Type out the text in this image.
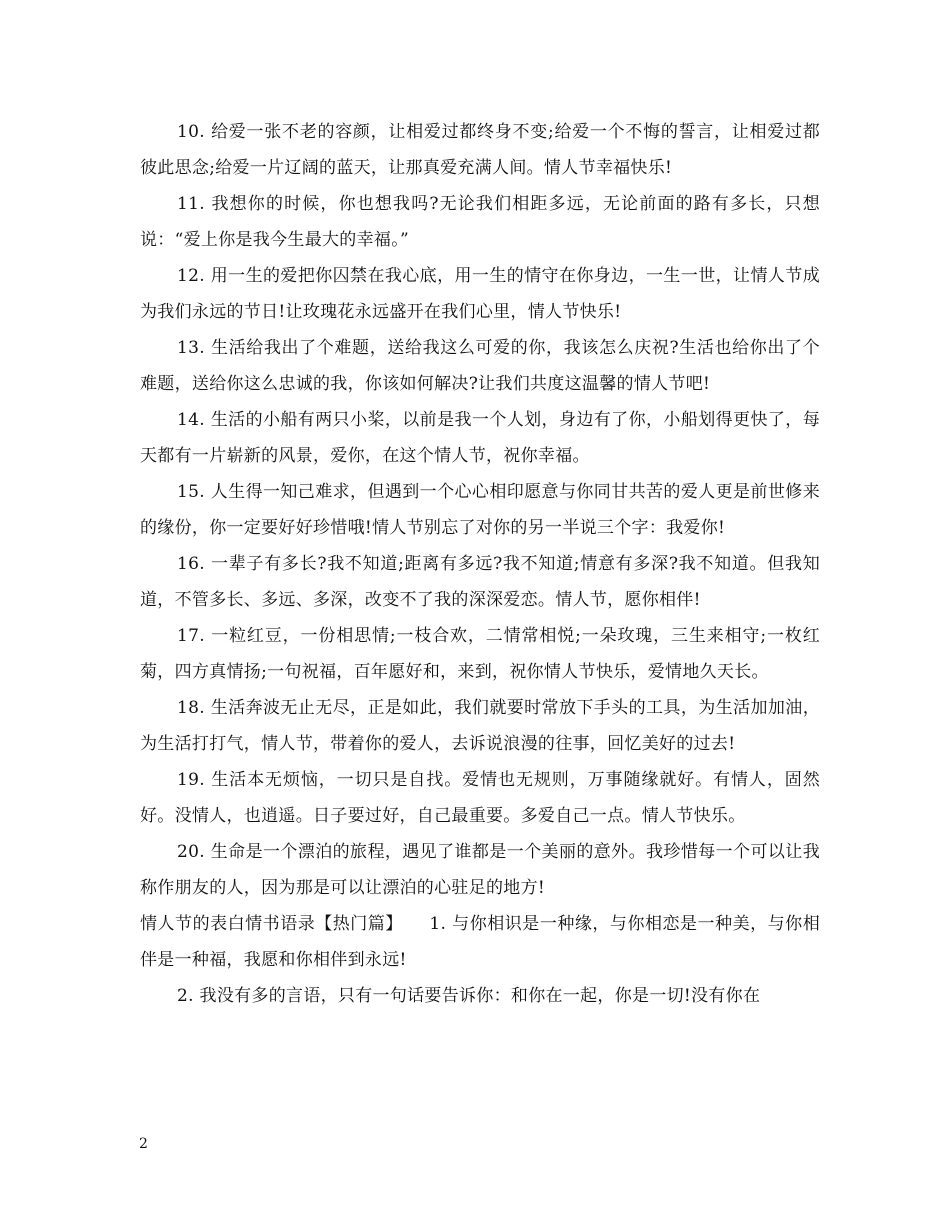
10. 给爱一张不老的容颜，让相爱过都终身不变;给爱一个不悔的誓言，让相爱过都彼此思念;给爱一片辽阔的蓝天，让那真爱充满人间。情人节幸福快乐!

11. 我想你的时候，你也想我吗?无论我们相距多远，无论前面的路有多长，只想说：“爱上你是我今生最大的幸福。”

12. 用一生的爱把你囚禁在我心底，用一生的情守在你身边，一生一世，让情人节成为我们永远的节日!让玫瑰花永远盛开在我们心里，情人节快乐!

13. 生活给我出了个难题，送给我这么可爱的你，我该怎么庆祝?生活也给你出了个难题，送给你这么忠诚的我，你该如何解决?让我们共度这温馨的情人节吧!

14. 生活的小船有两只小桨，以前是我一个人划，身边有了你，小船划得更快了，每天都有一片崭新的风景，爱你，在这个情人节，祝你幸福。

15. 人生得一知己难求，但遇到一个心心相印愿意与你同甘共苦的爱人更是前世修来的缘份，你一定要好好珍惜哦!情人节别忘了对你的另一半说三个字：我爱你!

16. 一辈子有多长?我不知道;距离有多远?我不知道;情意有多深?我不知道。但我知道，不管多长、多远、多深，改变不了我的深深爱恋。情人节，愿你相伴!

17. 一粒红豆，一份相思情;一枝合欢，二情常相悦;一朵玫瑰，三生来相守;一枚红菊，四方真情扬;一句祝福，百年愿好和，来到，祝你情人节快乐，爱情地久天长。

18. 生活奔波无止无尽，正是如此，我们就要时常放下手头的工具，为生活加加油，为生活打打气，情人节，带着你的爱人，去诉说浪漫的往事，回忆美好的过去!

19. 生活本无烦恼，一切只是自找。爱情也无规则，万事随缘就好。有情人，固然好。没情人，也逍遥。日子要过好，自己最重要。多爱自己一点。情人节快乐。

20. 生命是一个漂泊的旅程，遇见了谁都是一个美丽的意外。我珍惜每一个可以让我称作朋友的人，因为那是可以让漂泊的心驻足的地方!

情人节的表白情书语录【热门篇】　　1. 与你相识是一种缘，与你相恋是一种美，与你相伴是一种福，我愿和你相伴到永远!

2. 我没有多的言语，只有一句话要告诉你：和你在一起，你是一切!没有你在

2
